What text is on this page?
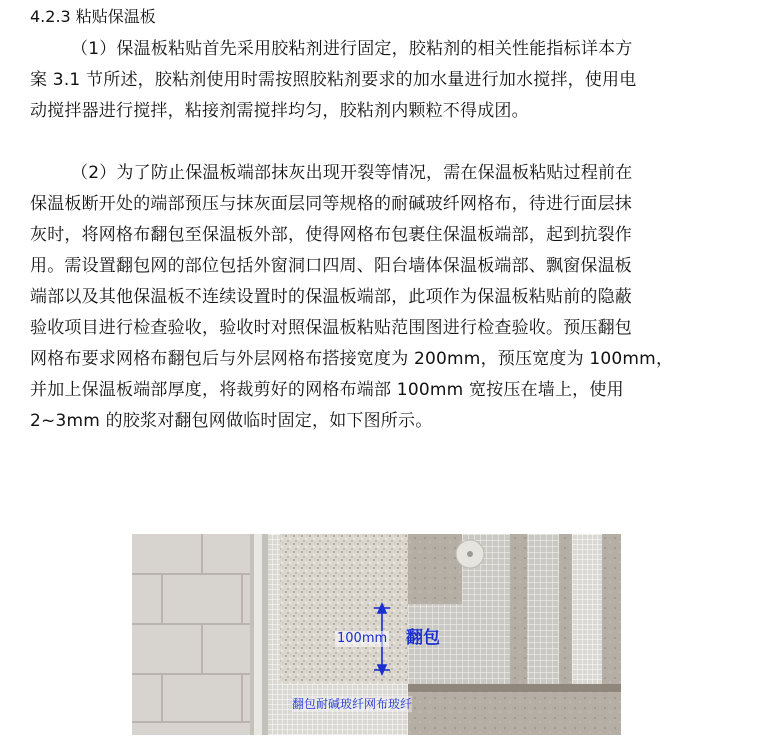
4.2.3 粘贴保温板
（1）保温板粘贴首先采用胶粘剂进行固定，胶粘剂的相关性能指标详本方
案 3.1 节所述，胶粘剂使用时需按照胶粘剂要求的加水量进行加水搅拌，使用电
动搅拌器进行搅拌，粘接剂需搅拌均匀，胶粘剂内颗粒不得成团。
（2）为了防止保温板端部抹灰出现开裂等情况，需在保温板粘贴过程前在
保温板断开处的端部预压与抹灰面层同等规格的耐碱玻纤网格布，待进行面层抹
灰时，将网格布翻包至保温板外部，使得网格布包裹住保温板端部，起到抗裂作
用。需设置翻包网的部位包括外窗洞口四周、阳台墙体保温板端部、飘窗保温板
端部以及其他保温板不连续设置时的保温板端部，此项作为保温板粘贴前的隐蔽
验收项目进行检查验收，验收时对照保温板粘贴范围图进行检查验收。预压翻包
网格布要求网格布翻包后与外层网格布搭接宽度为 200mm，预压宽度为 100mm，
并加上保温板端部厚度，将裁剪好的网格布端部 100mm 宽按压在墙上，使用
2~3mm 的胶浆对翻包网做临时固定，如下图所示。
100mm 翻包
翻包耐碱玻纤网布玻纤
